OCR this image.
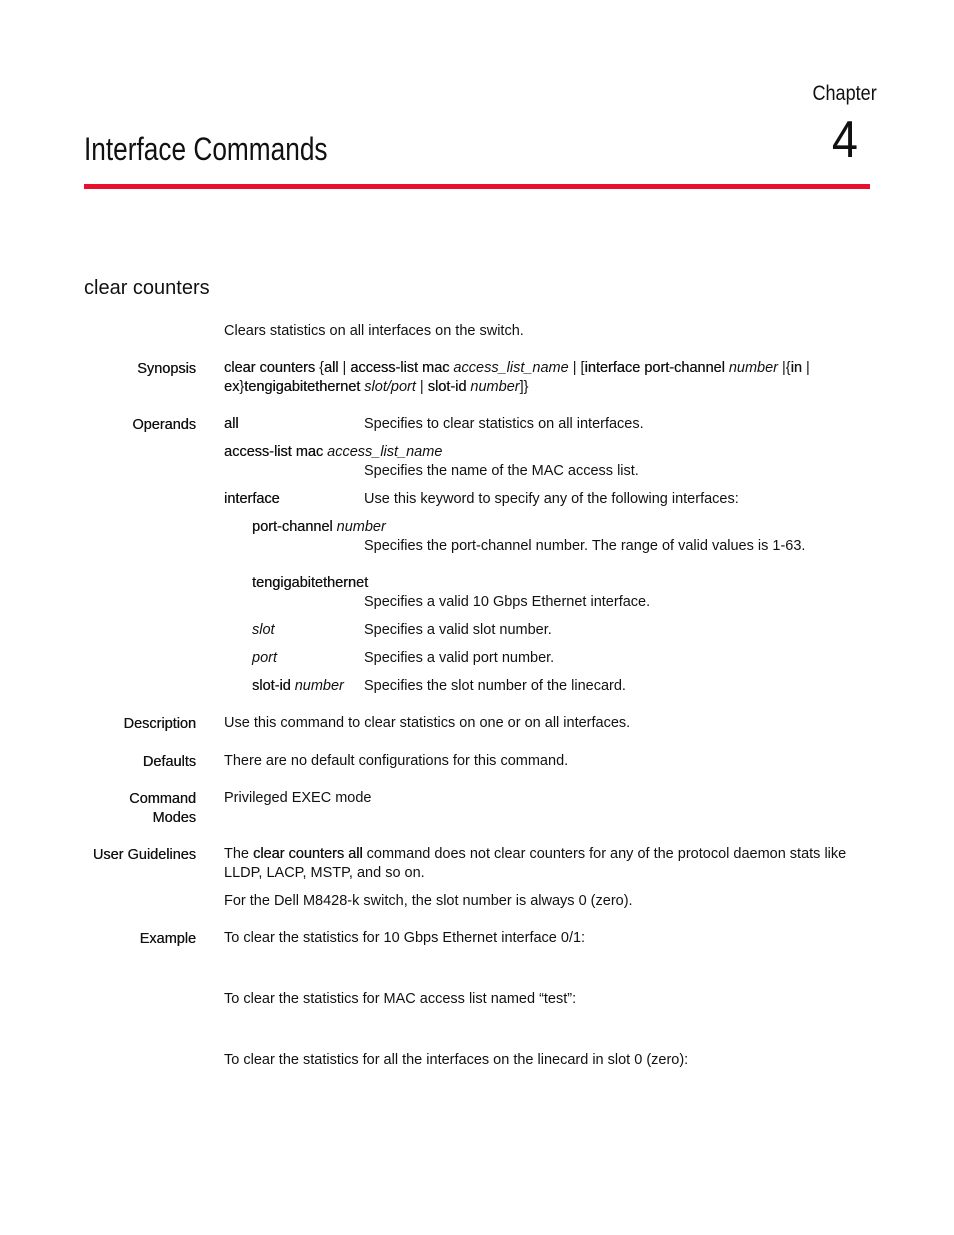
Chapter
4
Interface Commands
clear counters
Clears statistics on all interfaces on the switch.
Synopsis clear counters {all | access-list mac access_list_name | [interface port-channel number |{in |
ex}tengigabitethernet slot/port | slot-id number]}
Operands all	Specifies to clear statistics on all interfaces.
access-list mac access_list_name
Specifies the name of the MAC access list.
interface	Use this keyword to specify any of the following interfaces:
port-channel number
Specifies the port-channel number. The range of valid values is 1-63.
tengigabitethernet
Specifies a valid 10 Gbps Ethernet interface.
slot	Specifies a valid slot number.
port	Specifies a valid port number.
slot-id number Specifies the slot number of the linecard.
Description Use this command to clear statistics on one or on all interfaces.
Defaults There are no default configurations for this command.
Command
Modes
Privileged EXEC mode
User Guidelines The clear counters all command does not clear counters for any of the protocol daemon stats like
LLDP, LACP, MSTP, and so on.
For the Dell M8428-k switch, the slot number is always 0 (zero).
Example To clear the statistics for 10 Gbps Ethernet interface 0/1:
To clear the statistics for MAC access list named “test”:
To clear the statistics for all the interfaces on the linecard in slot 0 (zero):
